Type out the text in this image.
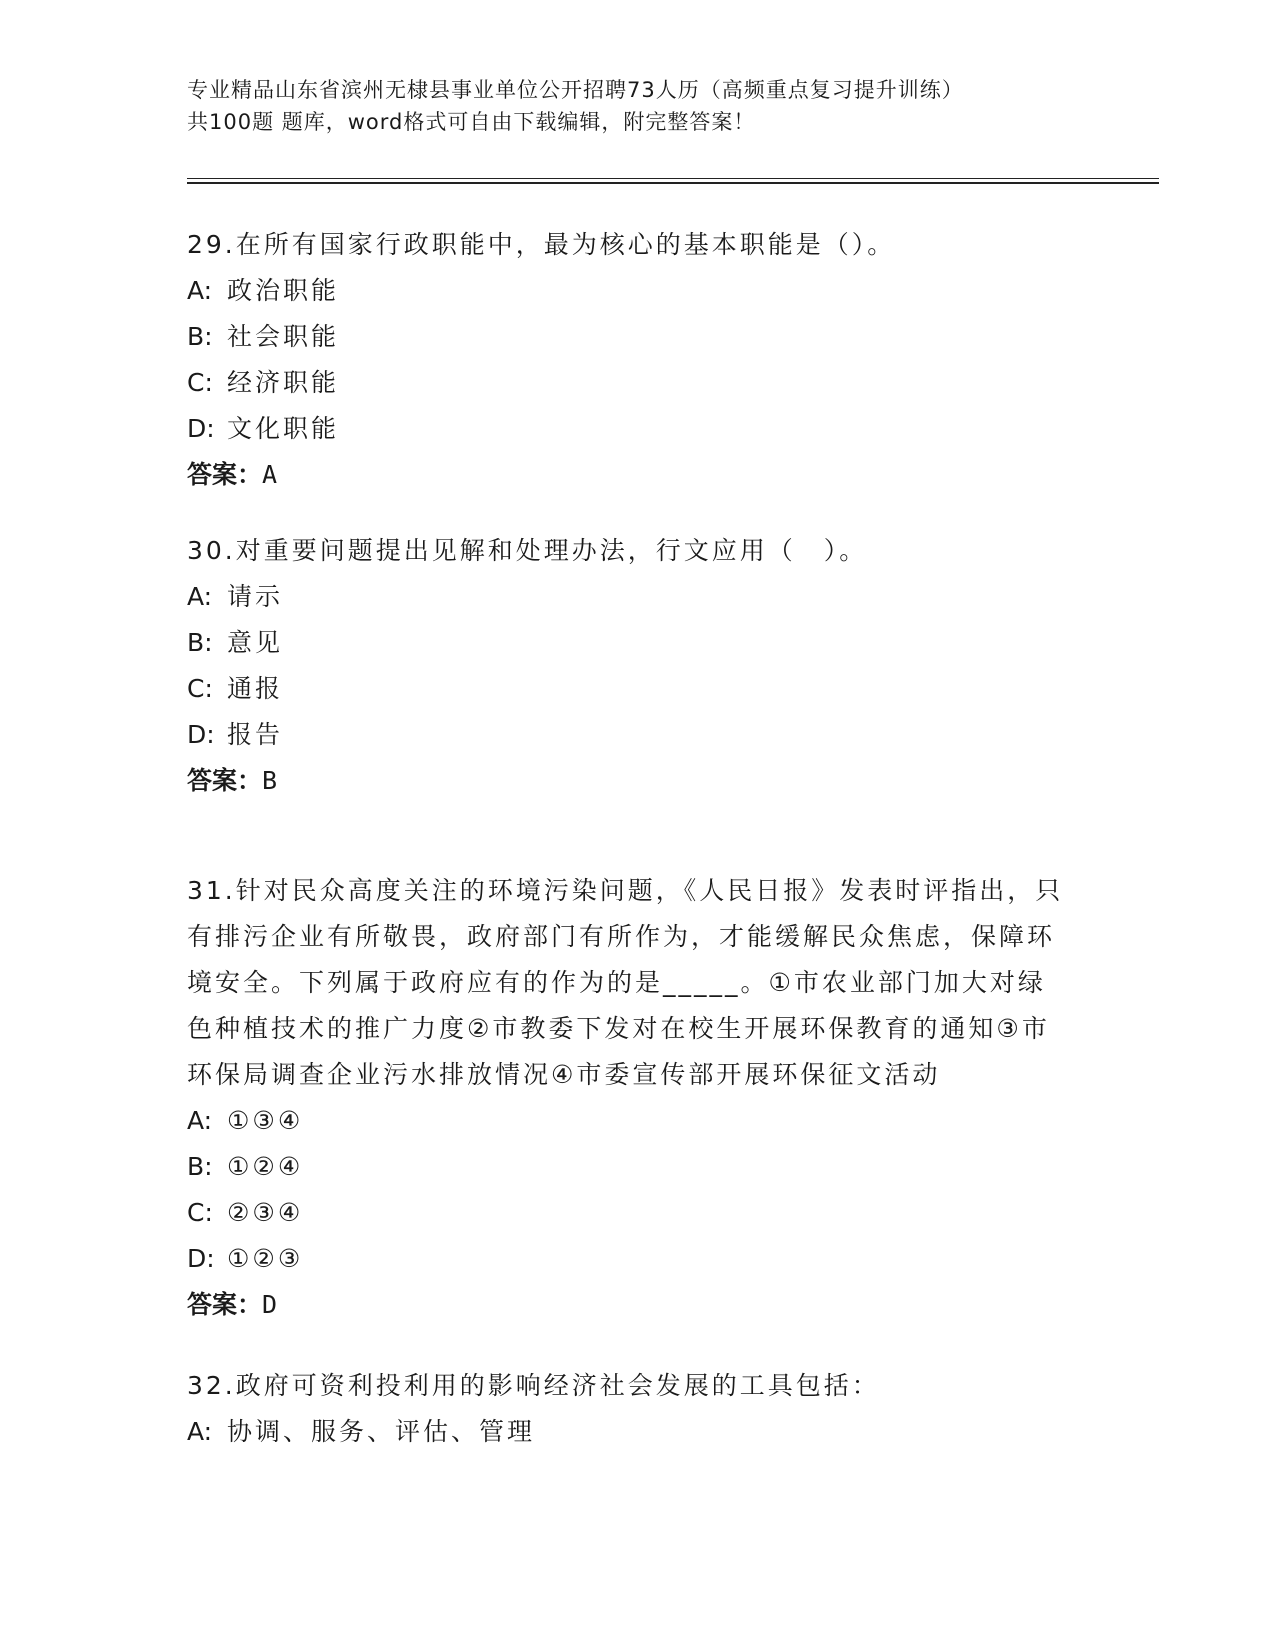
专业精品山东省滨州无棣县事业单位公开招聘73人历（高频重点复习提升训练）
共100题 题库，word格式可自由下载编辑，附完整答案！

29.在所有国家行政职能中，最为核心的基本职能是（）。

A: 政治职能

B: 社会职能

C: 经济职能

D: 文化职能

答案：A

30.对重要问题提出见解和处理办法，行文应用（　）。

A: 请示

B: 意见

C: 通报

D: 报告

答案：B

31.针对民众高度关注的环境污染问题，《人民日报》发表时评指出，只有排污企业有所敬畏，政府部门有所作为，才能缓解民众焦虑，保障环境安全。下列属于政府应有的作为的是_____。①市农业部门加大对绿色种植技术的推广力度②市教委下发对在校生开展环保教育的通知③市环保局调查企业污水排放情况④市委宣传部开展环保征文活动

A: ①③④

B: ①②④

C: ②③④

D: ①②③

答案：D

32.政府可资利投利用的影响经济社会发展的工具包括：

A: 协调、服务、评估、管理
